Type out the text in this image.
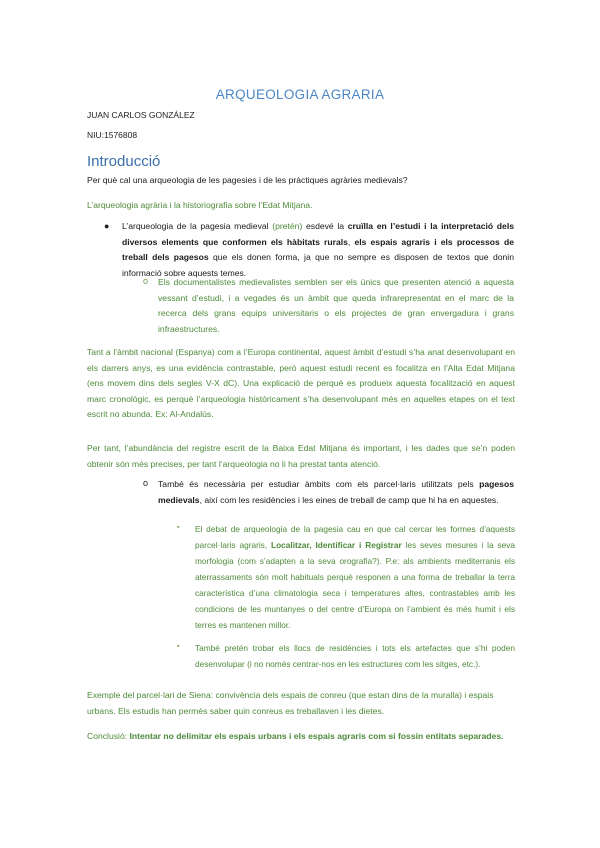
ARQUEOLOGIA AGRARIA
JUAN CARLOS GONZÁLEZ
NIU:1576808
Introducció
Per què cal una arqueologia de les pagesies i de les pràctiques agràries medievals?
L’arqueologia agrària i la historiografia sobre l’Edat Mitjana.
● L’arqueologia de la pagesia medieval (pretén) esdevé la cruïlla en l’estudi i la interpretació dels diversos elements que conformen els hàbitats rurals, els espais agraris i els processos de treball dels pagesos que els donen forma, ja que no sempre es disposen de textos que donin informació sobre aquests temes.
o Els documentalistes medievalistes semblen ser els únics que presenten atenció a aquesta vessant d’estudi, i a vegades és un àmbit que queda infrarepresentat en el marc de la recerca dels grans equips universitaris o els projectes de gran envergadura i grans infraestructures.
Tant a l’àmbit nacional (Espanya) com a l’Europa continental, aquest àmbit d’estudi s’ha anat desenvolupant en els darrers anys, es una evidència contrastable, però aquest estudi recent es focalitza en l’Alta Edat Mitjana (ens movem dins dels segles V-X dC). Una explicació de perquè es produeix aquesta focalització en aquest marc cronològic, es perquè l’arqueologia històricament s’ha desenvolupant més en aquelles etapes on el text escrit no abunda. Ex: Al-Andalús.
Per tant, l’abundància del registre escrit de la Baixa Edat Mitjana és important, i les dades que se’n poden obtenir són més precises, per tant l’arqueologia no li ha prestat tanta atenció.
o També és necessària per estudiar àmbits com els parcel·laris utilitzats pels pagesos medievals, així com les residències i les eines de treball de camp que hi ha en aquestes.
▪ El debat de arqueologia de la pagesia cau en que cal cercar les formes d’aquests parcel·laris agraris, Localitzar, Identificar i Registrar les seves mesures i la seva morfologia (com s’adapten a la seva orografia?). P.e: als ambients mediterranis els aterrassaments són molt habituals perquè responen a una forma de treballar la terra característica d’una climatologia seca i temperatures altes, contrastables amb les condicions de les muntanyes o del centre d’Europa on l’ambient és més humit i els terres es mantenen millor.
▪ També pretén trobar els llocs de residències i tots els artefactes que s’hi poden desenvolupar (i no només centrar-nos en les estructures com les sitges, etc.).
Exemple del parcel·lari de Siena: convivència dels espais de conreu (que estan dins de la muralla) i espais urbans. Els estudis han permès saber quin conreus es treballaven i les dietes.
Conclusió: Intentar no delimitar els espais urbans i els espais agraris com si fossin entitats separades.
